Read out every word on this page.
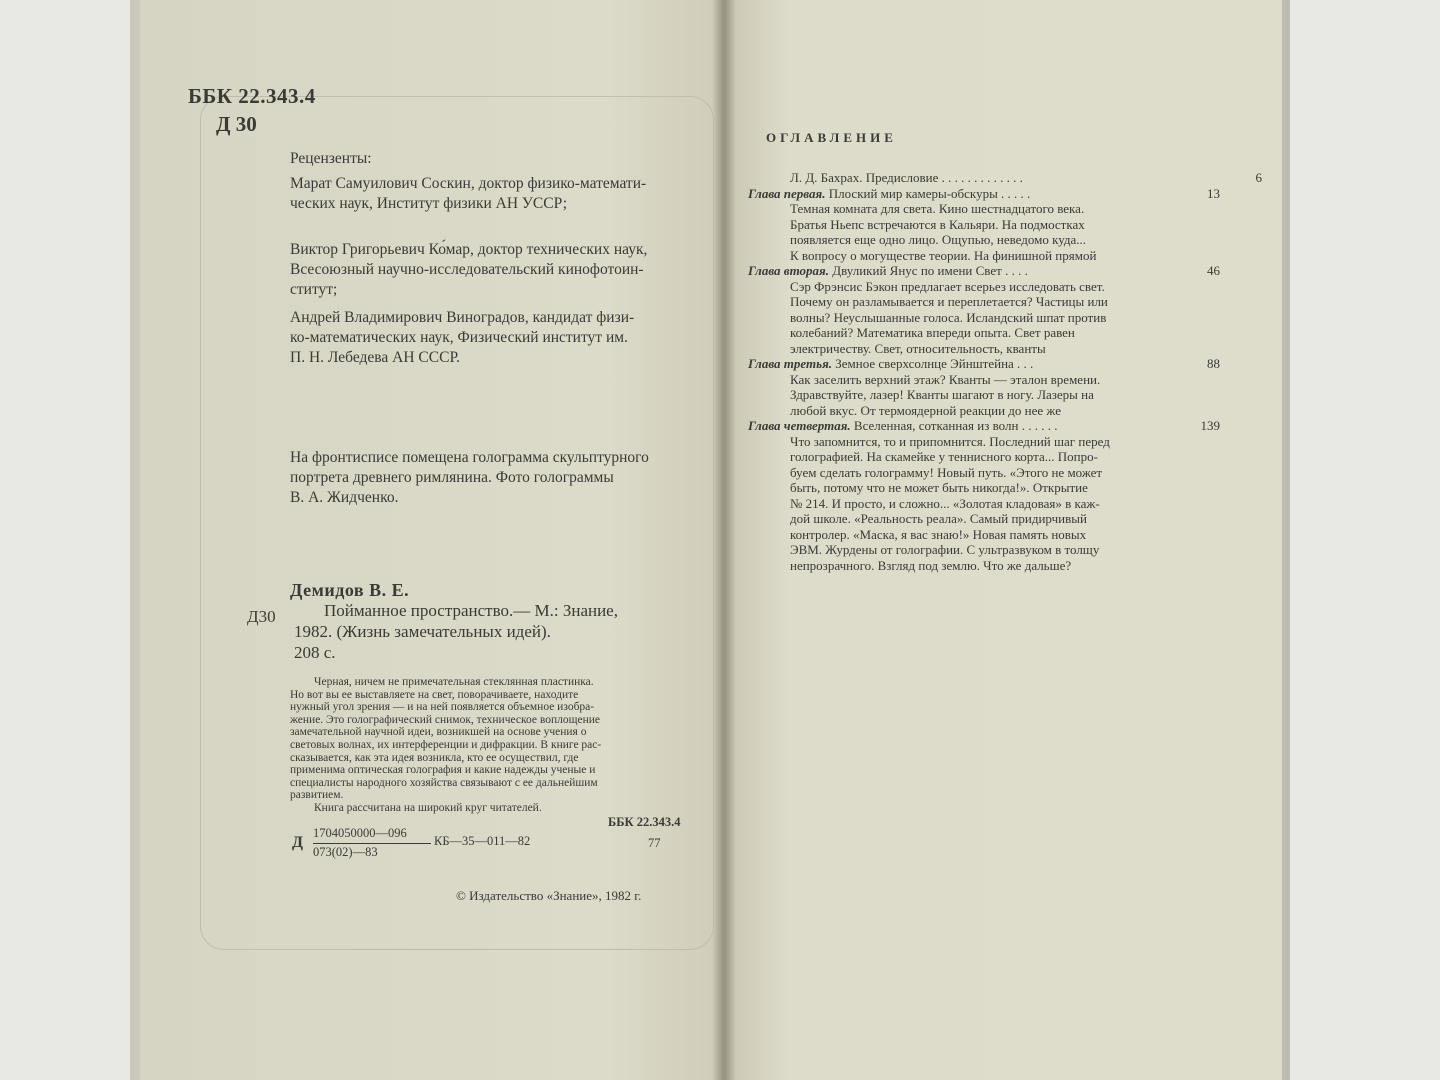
ББК 22.343.4
Д 30
Рецензенты:
Марат Самуилович Соскин, доктор физико-математи-
ческих наук, Институт физики АН УССР;
Виктор Григорьевич Ко́мар, доктор технических наук,
Всесоюзный научно-исследовательский кинофотоин-
ститут;
Андрей Владимирович Виноградов, кандидат физи-
ко-математических наук, Физический институт им.
П. Н. Лебедева АН СССР.
На фронтисписе помещена голограмма скульптурного
портрета древнего римлянина. Фото голограммы
В. А. Жидченко.
Демидов В. Е.
Д30	Пойманное пространство.— М.: Знание,
1982. (Жизнь замечательных идей).
208 с.
Черная, ничем не примечательная стеклянная пластинка.
Но вот вы ее выставляете на свет, поворачиваете, находите
нужный угол зрения — и на ней появляется объемное изобра-
жение. Это голографический снимок, техническое воплощение
замечательной научной идеи, возникшей на основе учения о
световых волнах, их интерференции и дифракции. В книге рас-
сказывается, как эта идея возникла, кто ее осуществил, где
применима оптическая голография и какие надежды ученые и
специалисты народного хозяйства связывают с ее дальнейшим
развитием.
Книга рассчитана на широкий круг читателей.
Д
1704050000—096
073(02)—83
КБ—35—011—82
ББК 22.343.4
77
© Издательство «Знание», 1982 г.
ОГЛАВЛЕНИЕ
Л. Д. Бахрах. Предисловие . . . . . . . . . . . . .	6
Глава первая. Плоский мир камеры-обскуры . . . . .	13
Темная комната для света. Кино шестнадцатого века.
Братья Ньепс встречаются в Кальяри. На подмостках
появляется еще одно лицо. Ощупью, неведомо куда...
К вопросу о могуществе теории. На финишной прямой
Глава вторая. Двуликий Янус по имени Свет . . . .	46
Сэр Фрэнсис Бэкон предлагает всерьез исследовать свет.
Почему он разламывается и переплетается? Частицы или
волны? Неуслышанные голоса. Исландский шпат против
колебаний? Математика впереди опыта. Свет равен
электричеству. Свет, относительность, кванты
Глава третья. Земное сверхсолнце Эйнштейна . . .	88
Как заселить верхний этаж? Кванты — эталон времени.
Здравствуйте, лазер! Кванты шагают в ногу. Лазеры на
любой вкус. От термоядерной реакции до нее же
Глава четвертая. Вселенная, сотканная из волн . . . . . .	139
Что запомнится, то и припомнится. Последний шаг перед
голографией. На скамейке у теннисного корта... Попро-
буем сделать голограмму! Новый путь. «Этого не может
быть, потому что не может быть никогда!». Открытие
№ 214. И просто, и сложно... «Золотая кладовая» в каж-
дой школе. «Реальность реала». Самый придирчивый
контролер. «Маска, я вас знаю!» Новая память новых
ЭВМ. Журдены от голографии. С ультразвуком в толщу
непрозрачного. Взгляд под землю. Что же дальше?
